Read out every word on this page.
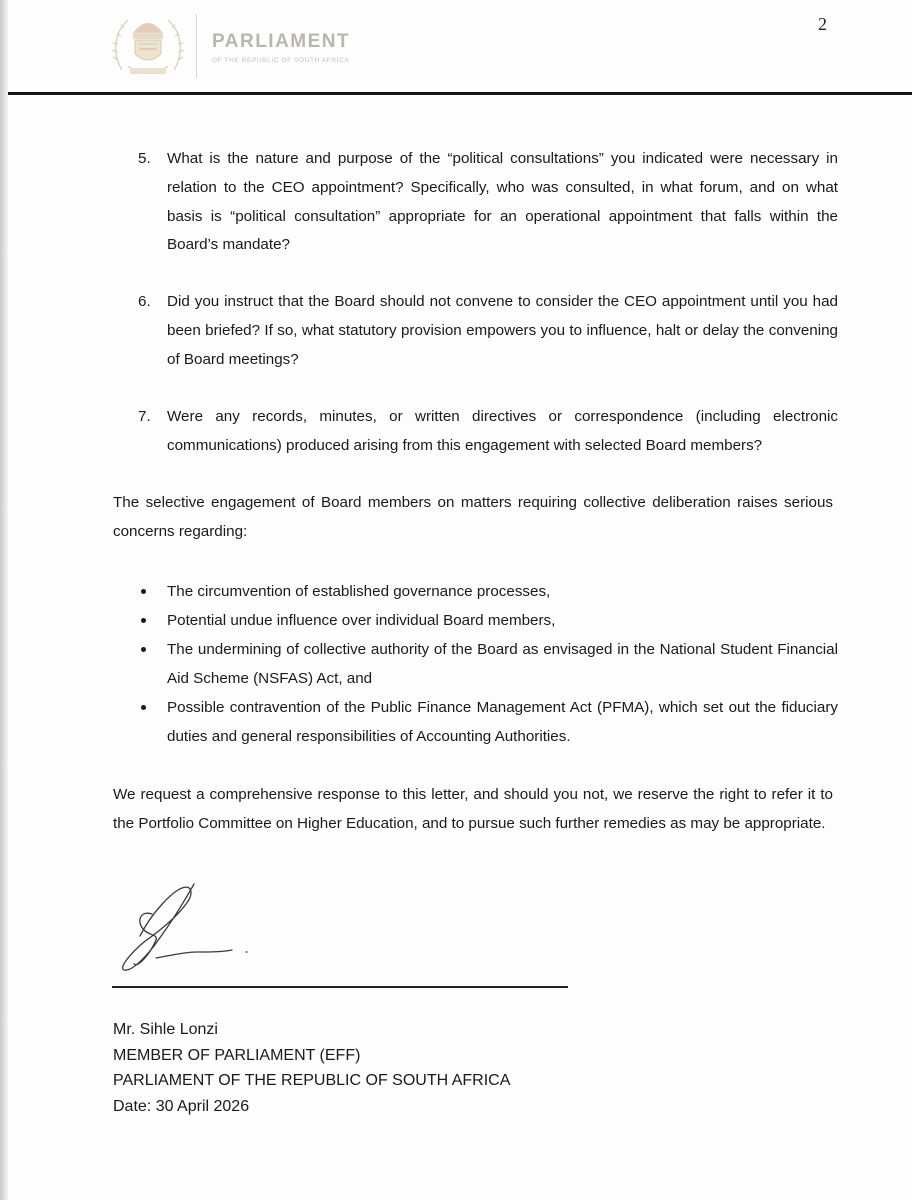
PARLIAMENT
OF THE REPUBLIC OF SOUTH AFRICA
2
5. What is the nature and purpose of the “political consultations” you indicated were necessary in relation to the CEO appointment? Specifically, who was consulted, in what forum, and on what basis is “political consultation” appropriate for an operational appointment that falls within the Board’s mandate?
6. Did you instruct that the Board should not convene to consider the CEO appointment until you had been briefed? If so, what statutory provision empowers you to influence, halt or delay the convening of Board meetings?
7. Were any records, minutes, or written directives or correspondence (including electronic communications) produced arising from this engagement with selected Board members?
The selective engagement of Board members on matters requiring collective deliberation raises serious concerns regarding:
The circumvention of established governance processes,
Potential undue influence over individual Board members,
The undermining of collective authority of the Board as envisaged in the National Student Financial Aid Scheme (NSFAS) Act, and
Possible contravention of the Public Finance Management Act (PFMA), which set out the fiduciary duties and general responsibilities of Accounting Authorities.
We request a comprehensive response to this letter, and should you not, we reserve the right to refer it to the Portfolio Committee on Higher Education, and to pursue such further remedies as may be appropriate.
Mr. Sihle Lonzi
MEMBER OF PARLIAMENT (EFF)
PARLIAMENT OF THE REPUBLIC OF SOUTH AFRICA
Date: 30 April 2026
